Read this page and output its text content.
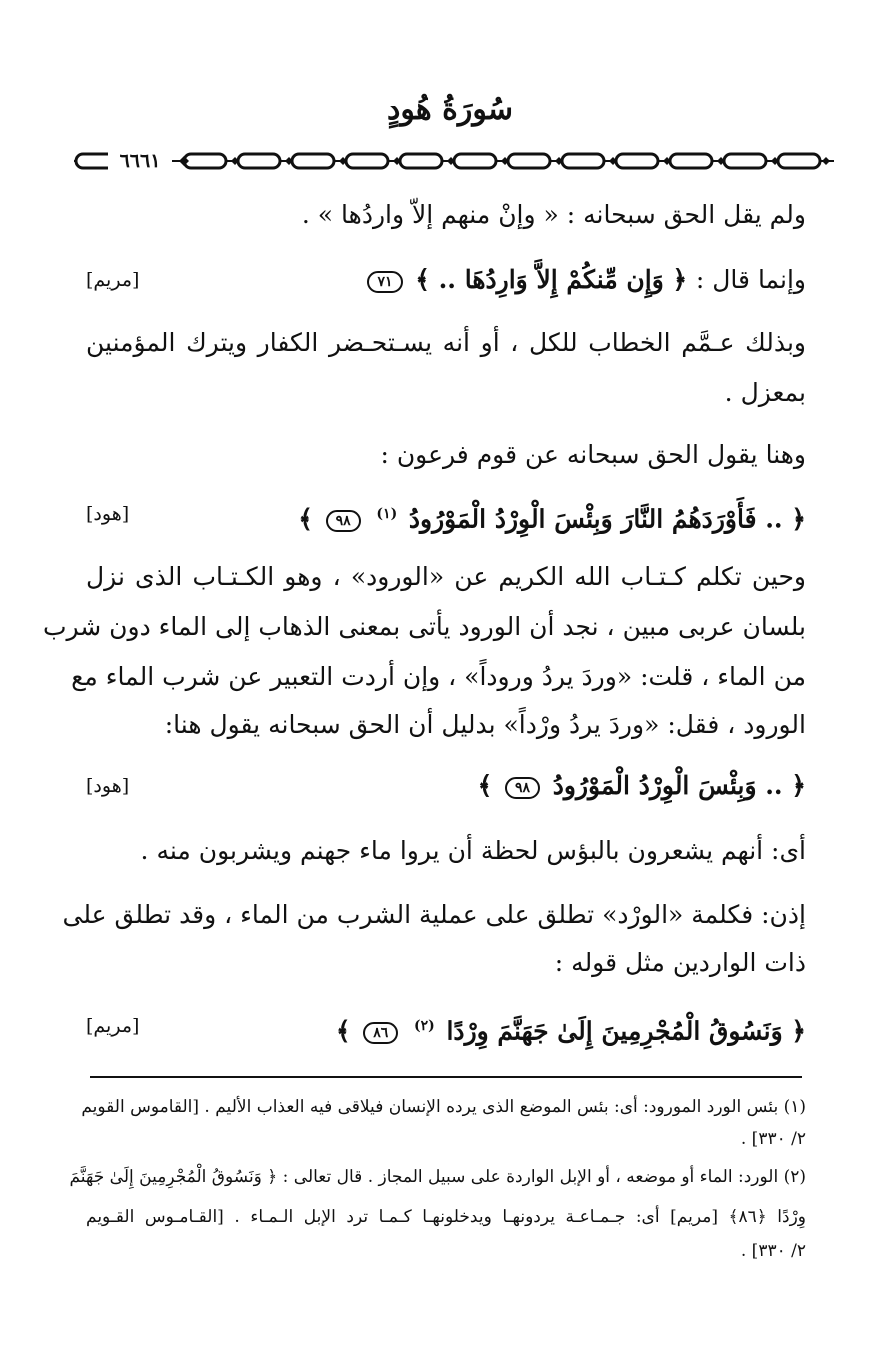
سُورَةُ هُودٍ
٦٦٦١
ولم يقل الحق سبحانه : « وإنْ منهم إلاّ واردُها » .
وإنما قال : ﴿ وَإِن مِّنكُمْ إِلاَّ وَارِدُهَا .. ﴾ ٧١
[مريم]
وبذلك عـمَّم الخطاب للكل ، أو أنه يسـتحـضر الكفار ويترك المؤمنين
بمعزل .
وهنا يقول الحق سبحانه عن قوم فرعون :
﴿ .. فَأَوْرَدَهُمُ النَّارَ وَبِئْسَ الْوِرْدُ الْمَوْرُودُ $^{(١)}$ ٩٨ ﴾
[هود]
وحين تكلم كـتـاب الله الكريم عن «الورود» ، وهو الكـتـاب الذى نزل
بلسان عربى مبين ، نجد أن الورود يأتى بمعنى الذهاب إلى الماء دون شرب
من الماء ، قلت: «وردَ يردُ وروداً» ، وإن أردت التعبير عن شرب الماء مع
الورود ، فقل: «وردَ يردُ ورْداً» بدليل أن الحق سبحانه يقول هنا:
﴿ .. وَبِئْسَ الْوِرْدُ الْمَوْرُودُ ٩٨ ﴾
[هود]
أى: أنهم يشعرون بالبؤس لحظة أن يروا ماء جهنم ويشربون منه .
إذن: فكلمة «الورْد» تطلق على عملية الشرب من الماء ، وقد تطلق على
ذات الواردين مثل قوله :
﴿ وَنَسُوقُ الْمُجْرِمِينَ إِلَىٰ جَهَنَّمَ وِرْدًا $^{(٢)}$ ٨٦ ﴾
[مريم]
(١) بئس الورد المورود: أى: بئس الموضع الذى يرده الإنسان فيلاقى فيه العذاب الأليم . [القاموس القويم
٢/ ٣٣٠] .
(٢) الورد: الماء أو موضعه ، أو الإبل الواردة على سبيل المجاز . قال تعالى : ﴿ وَنَسُوقُ الْمُجْرِمِينَ إِلَىٰ جَهَنَّمَ
وِرْدًا ﴿٨٦﴾ [مريم] أى: جـمـاعـة يردونهـا ويدخلونهـا كـمـا ترد الإبل الـمـاء . [القـامـوس القـويم
٢/ ٣٣٠] .
